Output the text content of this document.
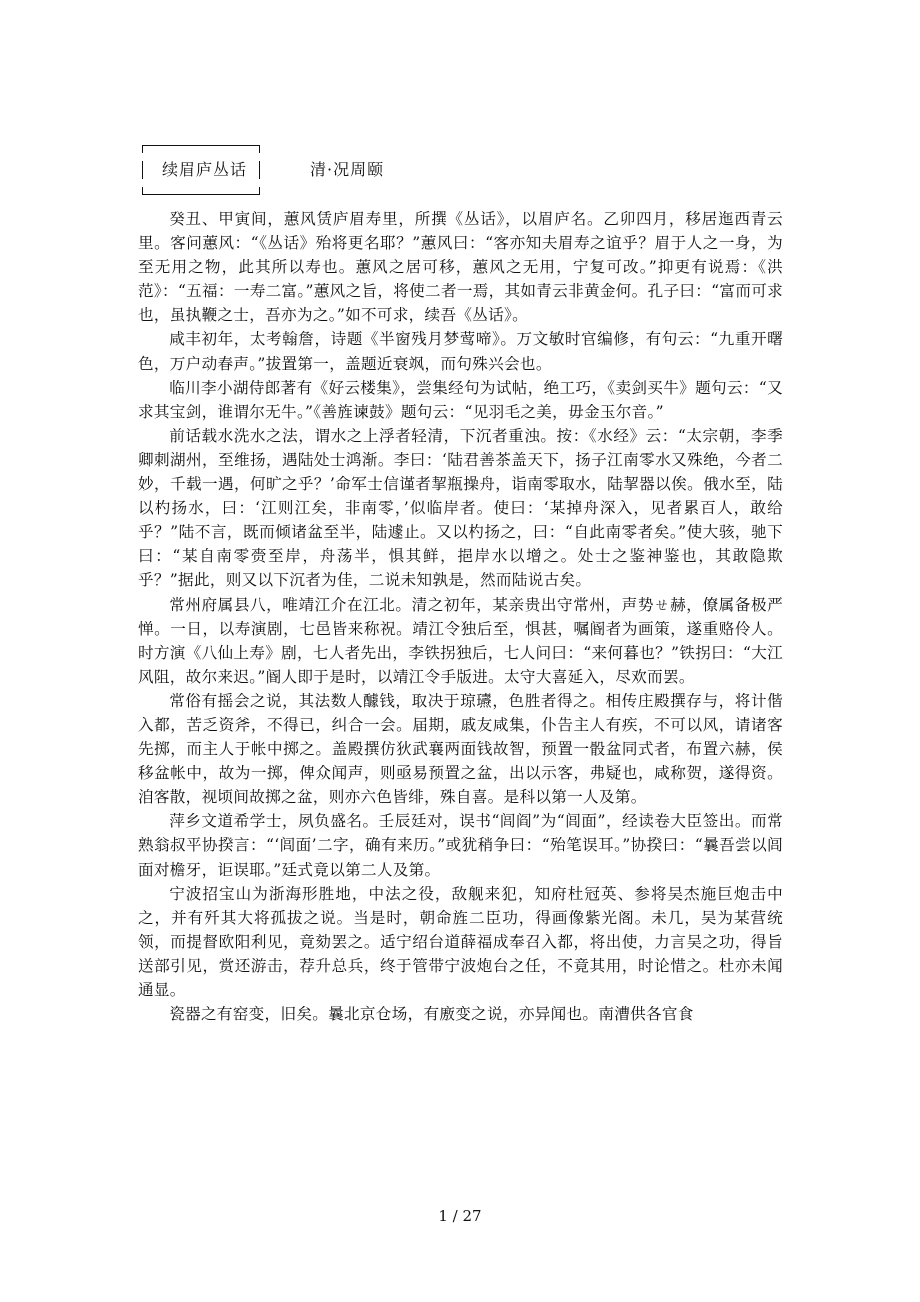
续眉庐丛话	清·况周颐

癸丑、甲寅间，蕙风赁庐眉寿里，所撰《丛话》，以眉庐名。乙卯四月，移居迤西青云里。客问蕙风：“《丛话》殆将更名耶？”蕙风曰：“客亦知夫眉寿之谊乎？眉于人之一身，为至无用之物，此其所以寿也。蕙风之居可移，蕙风之无用，宁复可改。”抑更有说焉：《洪范》：“五福：一寿二富。”蕙风之旨，将使二者一焉，其如青云非黄金何。孔子曰：“富而可求也，虽执鞭之士，吾亦为之。”如不可求，续吾《丛话》。

咸丰初年，太考翰詹，诗题《半窗残月梦莺啼》。万文敏时官编修，有句云：“九重开曙色，万户动春声。”拔置第一，盖题近衰飒，而句殊兴会也。

临川李小湖侍郎著有《好云楼集》，尝集经句为试帖，绝工巧，《卖剑买牛》题句云：“又求其宝剑，谁谓尔无牛。”《善旌谏鼓》题句云：“见羽毛之美，毋金玉尔音。”

前话载水洗水之法，谓水之上浮者轻清，下沉者重浊。按：《水经》云：“太宗朝，李季卿刺湖州，至维扬，遇陆处士鸿渐。李曰：‘陆君善茶盖天下，扬子江南零水又殊绝，今者二妙，千载一遇，何旷之乎？’命军士信谨者挈瓶操舟，诣南零取水，陆挈器以俟。俄水至，陆以杓扬水，曰：‘江则江矣，非南零，’似临岸者。使曰：‘某掉舟深入，见者累百人，敢给乎？”陆不言，既而倾诸盆至半，陆遽止。又以杓扬之，曰：“自此南零者矣。”使大骇，驰下曰：“某自南零赍至岸，舟荡半，惧其鲜，挹岸水以增之。处士之鉴神鉴也，其敢隐欺乎？”据此，则又以下沉者为佳，二说未知孰是，然而陆说古矣。

常州府属县八，唯靖江介在江北。清之初年，某亲贵出守常州，声势ㄝ赫，僚属备极严惮。一日，以寿演剧，七邑皆来称祝。靖江令独后至，惧甚，嘱阍者为画策，遂重赂伶人。时方演《八仙上寿》剧，七人者先出，李铁拐独后，七人问曰：“来何暮也？”铁拐曰：“大江风阻，故尔来迟。”阍人即于是时，以靖江令手版进。太守大喜延入，尽欢而罢。

常俗有摇会之说，其法数人醵钱，取决于琼瓙，色胜者得之。相传庄殿撰存与，将计偕入都，苦乏资斧，不得已，纠合一会。届期，戚友咸集，仆告主人有疾，不可以风，请诸客先掷，而主人于帐中掷之。盖殿撰仿狄武襄两面钱故智，预置一骰盆同式者，布置六赫，侯移盆帐中，故为一掷，俾众闻声，则亟易预置之盆，出以示客，弗疑也，咸称贺，遂得资。洎客散，视顷间故掷之盆，则亦六色皆绯，殊自喜。是科以第一人及第。

萍乡文道希学士，夙负盛名。壬辰廷对，误书“闾阎”为“闾面”，经读卷大臣签出。而常熟翁叔平协揆言：“‘闾面’二字，确有来历。”或犹稍争曰：“殆笔误耳。”协揆曰：“曩吾尝以闾面对檐牙，讵误耶。”廷式竟以第二人及第。

宁波招宝山为浙海形胜地，中法之役，敌舰来犯，知府杜冠英、参将吴杰施巨炮击中之，并有歼其大将孤拔之说。当是时，朝命旌二臣功，得画像紫光阁。未几，吴为某营统领，而提督欧阳利见，竟劾罢之。适宁绍台道薛福成奉召入都，将出使，力言吴之功，得旨送部引见，赏还游击，荐升总兵，终于管带宁波炮台之任，不竟其用，时论惜之。杜亦未闻通显。

瓷器之有窑变，旧矣。曩北京仓场，有廒变之说，亦异闻也。南漕供各官食

1 / 27
